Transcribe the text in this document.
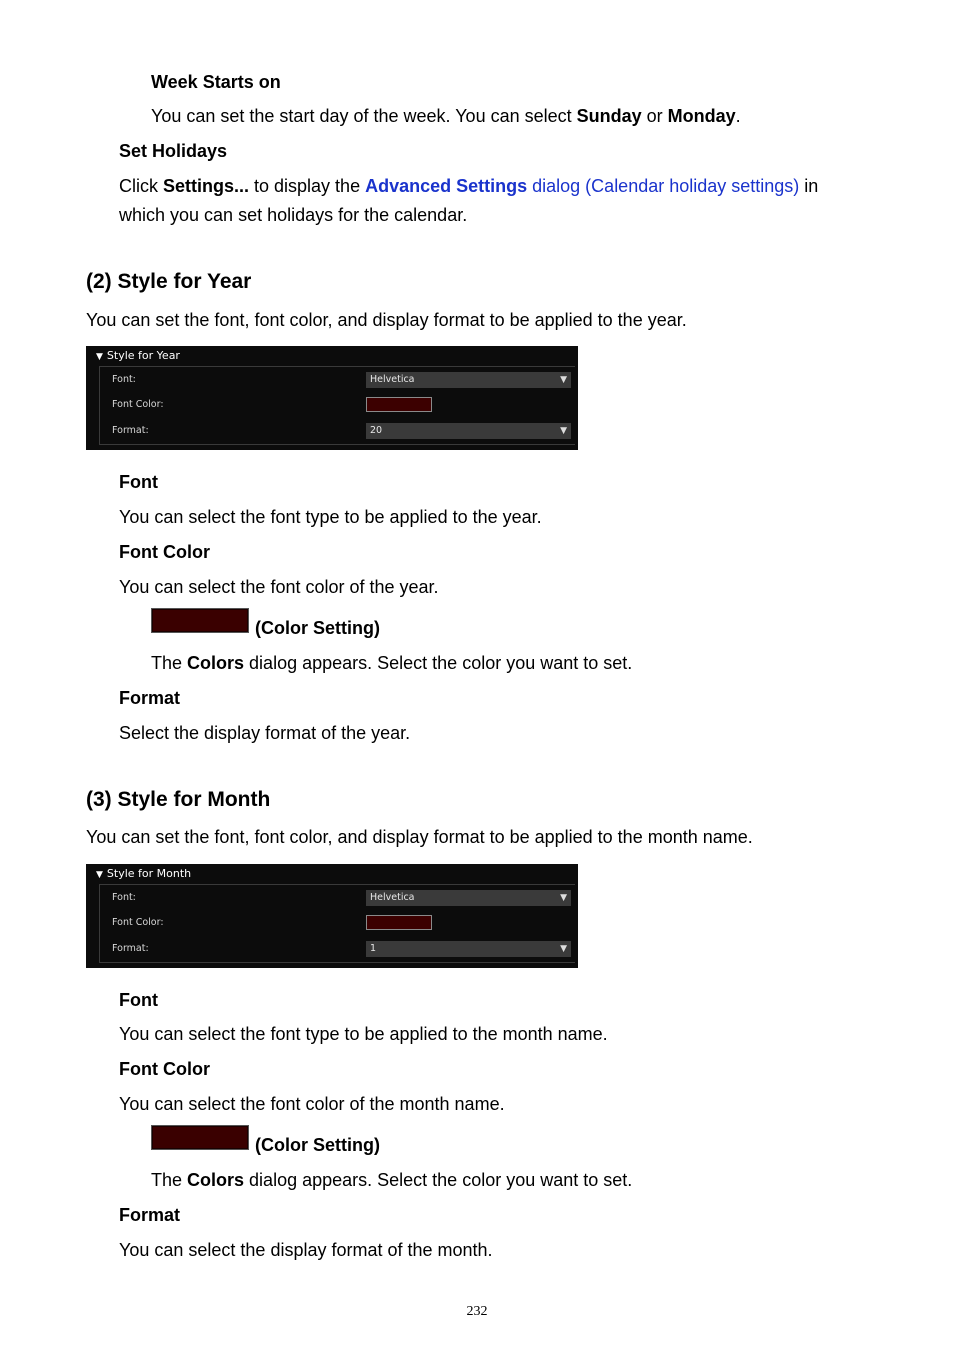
Week Starts on
You can set the start day of the week. You can select Sunday or Monday.
Set Holidays
Click Settings... to display the Advanced Settings dialog (Calendar holiday settings) in
which you can set holidays for the calendar.
(2) Style for Year
You can set the font, font color, and display format to be applied to the year.
▼ Style for Year
Font:	Helvetica	▼
Font Color:
Format:	20	▼
Font
You can select the font type to be applied to the year.
Font Color
You can select the font color of the year.
(Color Setting)
The Colors dialog appears. Select the color you want to set.
Format
Select the display format of the year.
(3) Style for Month
You can set the font, font color, and display format to be applied to the month name.
▼ Style for Month
Font:	Helvetica	▼
Font Color:
Format:	1	▼
Font
You can select the font type to be applied to the month name.
Font Color
You can select the font color of the month name.
(Color Setting)
The Colors dialog appears. Select the color you want to set.
Format
You can select the display format of the month.
232
